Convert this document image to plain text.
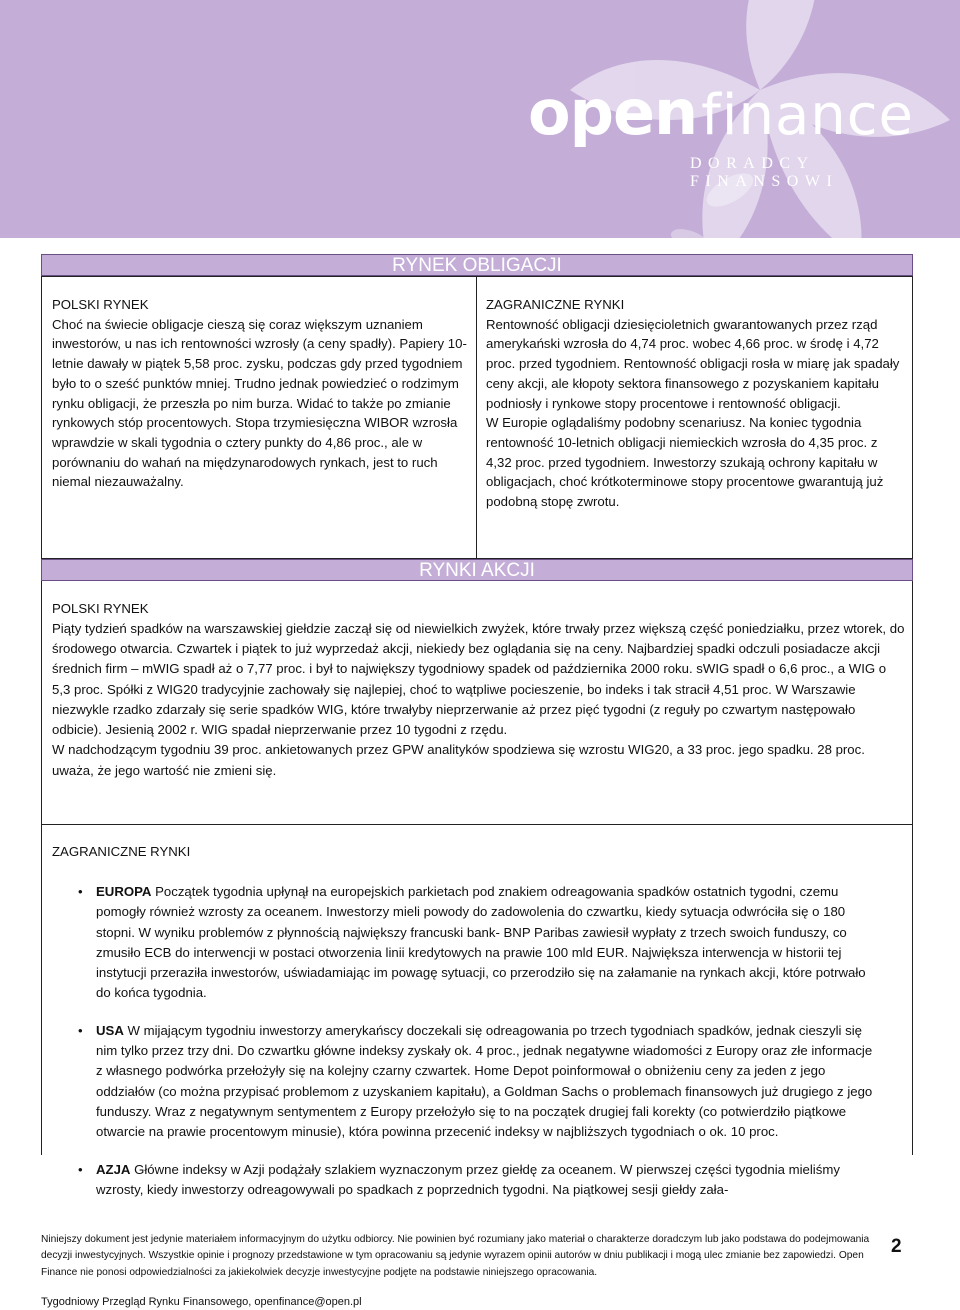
openfinance
DORADCY FINANSOWI
RYNEK OBLIGACJI
POLSKI RYNEK

Choć na świecie obligacje cieszą się coraz większym uznaniem inwestorów, u nas ich rentowności wzrosły (a ceny spadły). Papiery 10-letnie dawały w piątek 5,58 proc. zysku, podczas gdy przed tygodniem było to o sześć punktów mniej. Trudno jednak powiedzieć o rodzimym rynku obligacji, że przeszła po nim burza. Widać to także po zmianie rynkowych stóp procentowych. Stopa trzymiesięczna WIBOR wzrosła wprawdzie w skali tygodnia o cztery punkty do 4,86 proc., ale w porównaniu do wahań na międzynarodowych rynkach, jest to ruch niemal niezauważalny.

ZAGRANICZNE RYNKI

Rentowność obligacji dziesięcioletnich gwarantowanych przez rząd amerykański wzrosła do 4,74 proc. wobec 4,66 proc. w środę i 4,72 proc. przed tygodniem. Rentowność obligacji rosła w miarę jak spadały ceny akcji, ale kłopoty sektora finansowego z pozyskaniem kapitału podniosły i rynkowe stopy procentowe i rentowność obligacji.

W Europie oglądaliśmy podobny scenariusz. Na koniec tygodnia rentowność 10-letnich obligacji niemieckich wzrosła do 4,35 proc. z 4,32 proc. przed tygodniem. Inwestorzy szukają ochrony kapitału w obligacjach, choć krótkoterminowe stopy procentowe gwarantują już podobną stopę zwrotu.

RYNKI AKCJI
POLSKI RYNEK

Piąty tydzień spadków na warszawskiej giełdzie zaczął się od niewielkich zwyżek, które trwały przez większą część poniedziałku, przez wtorek, do środowego otwarcia. Czwartek i piątek to już wyprzedaż akcji, niekiedy bez oglądania się na ceny. Najbardziej spadki odczuli posiadacze akcji średnich firm – mWIG spadł aż o 7,77 proc. i był to największy tygodniowy spadek od października 2000 roku. sWIG spadł o 6,6 proc., a WIG o 5,3 proc. Spółki z WIG20 tradycyjnie zachowały się najlepiej, choć to wątpliwe pocieszenie, bo indeks i tak stracił 4,51 proc. W Warszawie niezwykle rzadko zdarzały się serie spadków WIG, które trwałyby nieprzerwanie aż przez pięć tygodni (z reguły po czwartym następowało odbicie). Jesienią 2002 r. WIG spadał nieprzerwanie przez 10 tygodni z rzędu.

W nadchodzącym tygodniu 39 proc. ankietowanych przez GPW analityków spodziewa się wzrostu WIG20, a 33 proc. jego spadku. 28 proc. uważa, że jego wartość nie zmieni się.

ZAGRANICZNE RYNKI
• EUROPA Początek tygodnia upłynął na europejskich parkietach pod znakiem odreagowania spadków ostatnich tygodni, czemu pomogły również wzrosty za oceanem. Inwestorzy mieli powody do zadowolenia do czwartku, kiedy sytuacja odwróciła się o 180 stopni. W wyniku problemów z płynnością największy francuski bank- BNP Paribas zawiesił wypłaty z trzech swoich funduszy, co zmusiło ECB do interwencji w postaci otworzenia linii kredytowych na prawie 100 mld EUR. Największa interwencja w historii tej instytucji przeraziła inwestorów, uświadamiając im powagę sytuacji, co przerodziło się na załamanie na rynkach akcji, które potrwało do końca tygodnia.
• USA W mijającym tygodniu inwestorzy amerykańscy doczekali się odreagowania po trzech tygodniach spadków, jednak cieszyli się nim tylko przez trzy dni. Do czwartku główne indeksy zyskały ok. 4 proc., jednak negatywne wiadomości z Europy oraz złe informacje z własnego podwórka przełożyły się na kolejny czarny czwartek. Home Depot poinformował o obniżeniu ceny za jeden z jego oddziałów (co można przypisać problemom z uzyskaniem kapitału), a Goldman Sachs o problemach finansowych już drugiego z jego funduszy. Wraz z negatywnym sentymentem z Europy przełożyło się to na początek drugiej fali korekty (co potwierdziło piątkowe otwarcie na prawie procentowym minusie), która powinna przecenić indeksy w najbliższych tygodniach o ok. 10 proc.
• AZJA Główne indeksy w Azji podążały szlakiem wyznaczonym przez giełdę za oceanem. W pierwszej części tygodnia mieliśmy wzrosty, kiedy inwestorzy odreagowywali po spadkach z poprzednich tygodni. Na piątkowej sesji giełdy zała-
Niniejszy dokument jest jedynie materiałem informacyjnym do użytku odbiorcy. Nie powinien być rozumiany jako materiał o charakterze doradczym lub jako podstawa do podejmowania decyzji inwestycyjnych. Wszystkie opinie i prognozy przedstawione w tym opracowaniu są jedynie wyrazem opinii autorów w dniu publikacji i mogą ulec zmianie bez zapowiedzi. Open Finance nie ponosi odpowiedzialności za jakiekolwiek decyzje inwestycyjne podjęte na podstawie niniejszego opracowania.
2
Tygodniowy Przegląd Rynku Finansowego, openfinance@open.pl
